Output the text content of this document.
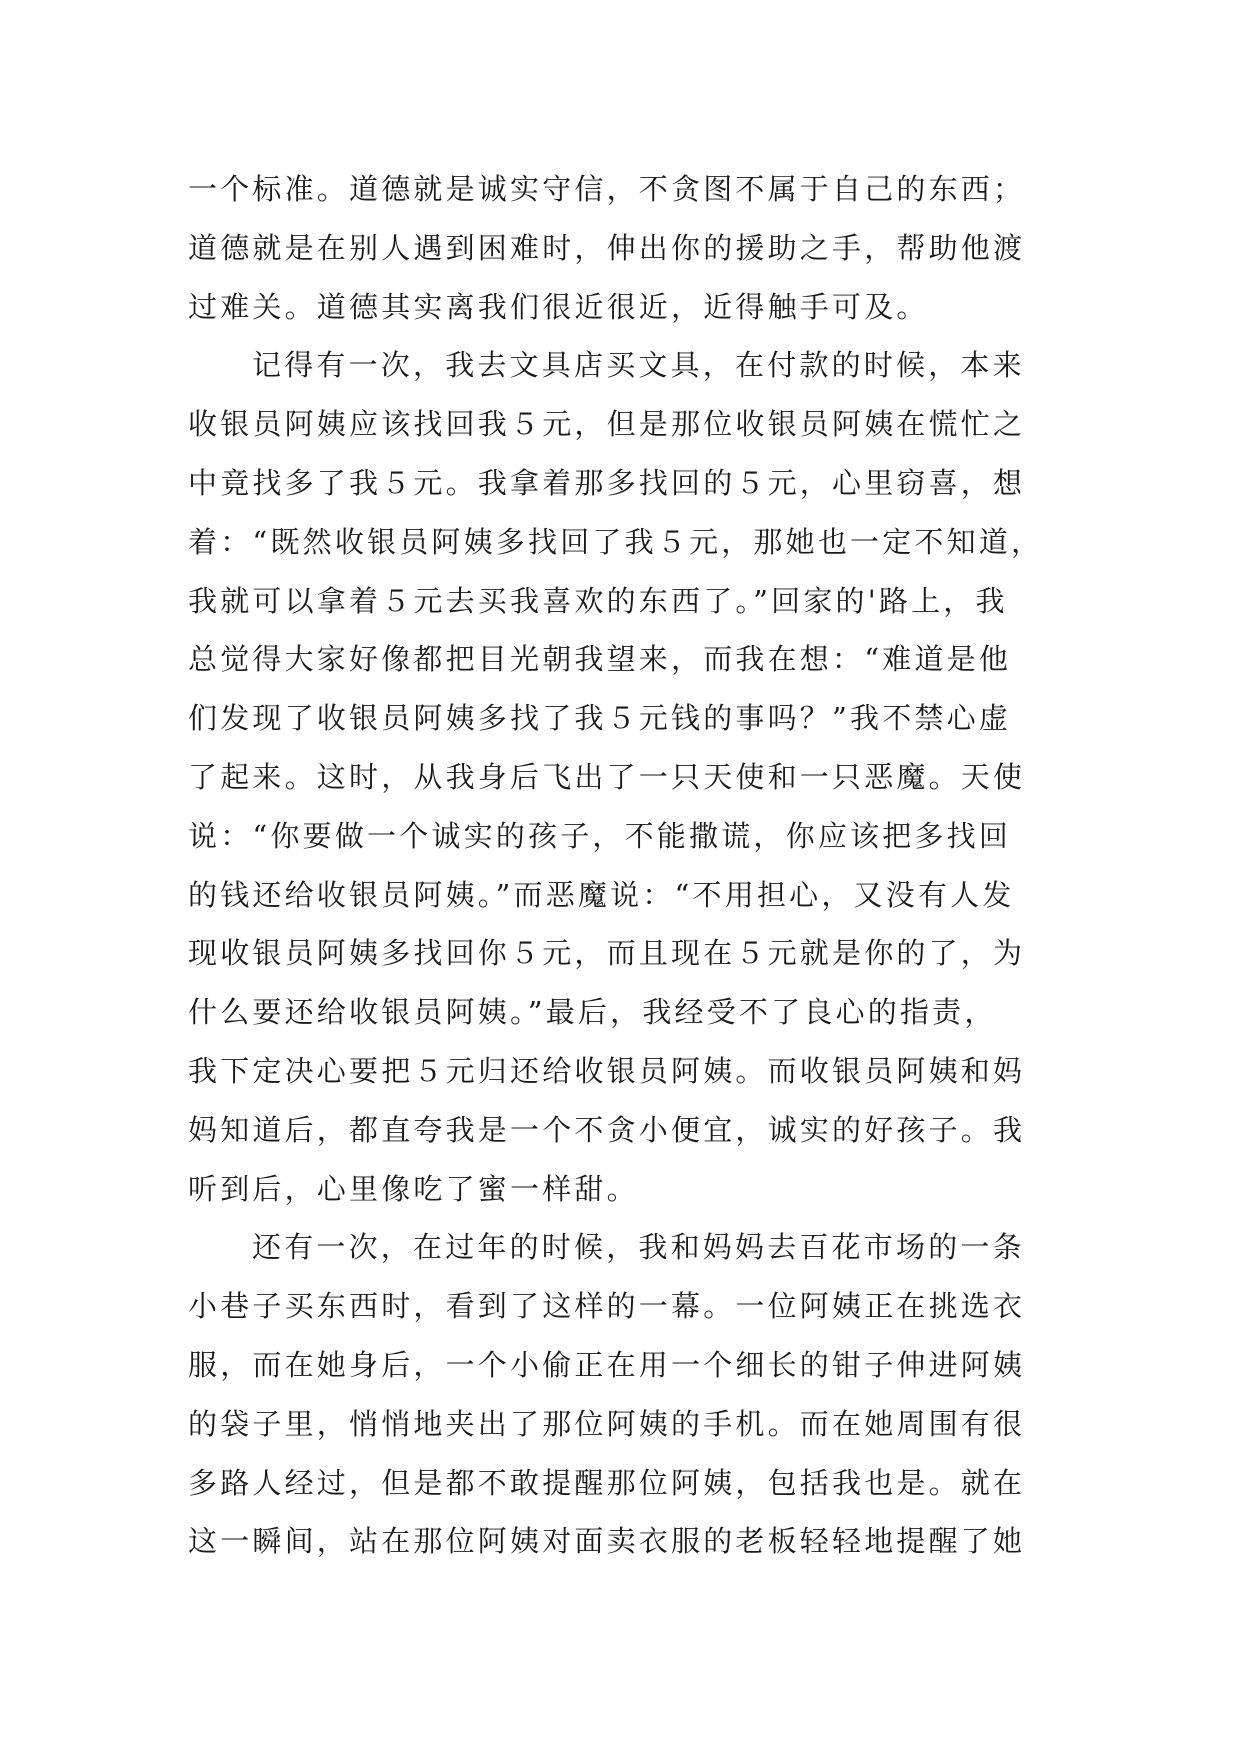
一个标准。道德就是诚实守信，不贪图不属于自己的东西；
道德就是在别人遇到困难时，伸出你的援助之手，帮助他渡
过难关。道德其实离我们很近很近，近得触手可及。
记得有一次，我去文具店买文具，在付款的时候，本来
收银员阿姨应该找回我５元，但是那位收银员阿姨在慌忙之
中竟找多了我５元。我拿着那多找回的５元，心里窃喜，想
着：“既然收银员阿姨多找回了我５元，那她也一定不知道，
我就可以拿着５元去买我喜欢的东西了。”回家的'路上，我
总觉得大家好像都把目光朝我望来，而我在想：“难道是他
们发现了收银员阿姨多找了我５元钱的事吗？”我不禁心虚
了起来。这时，从我身后飞出了一只天使和一只恶魔。天使
说：“你要做一个诚实的孩子，不能撒谎，你应该把多找回
的钱还给收银员阿姨。”而恶魔说：“不用担心，又没有人发
现收银员阿姨多找回你５元，而且现在５元就是你的了，为
什么要还给收银员阿姨。”最后，我经受不了良心的指责，
我下定决心要把５元归还给收银员阿姨。而收银员阿姨和妈
妈知道后，都直夸我是一个不贪小便宜，诚实的好孩子。我
听到后，心里像吃了蜜一样甜。
还有一次，在过年的时候，我和妈妈去百花市场的一条
小巷子买东西时，看到了这样的一幕。一位阿姨正在挑选衣
服，而在她身后，一个小偷正在用一个细长的钳子伸进阿姨
的袋子里，悄悄地夹出了那位阿姨的手机。而在她周围有很
多路人经过，但是都不敢提醒那位阿姨，包括我也是。就在
这一瞬间，站在那位阿姨对面卖衣服的老板轻轻地提醒了她
